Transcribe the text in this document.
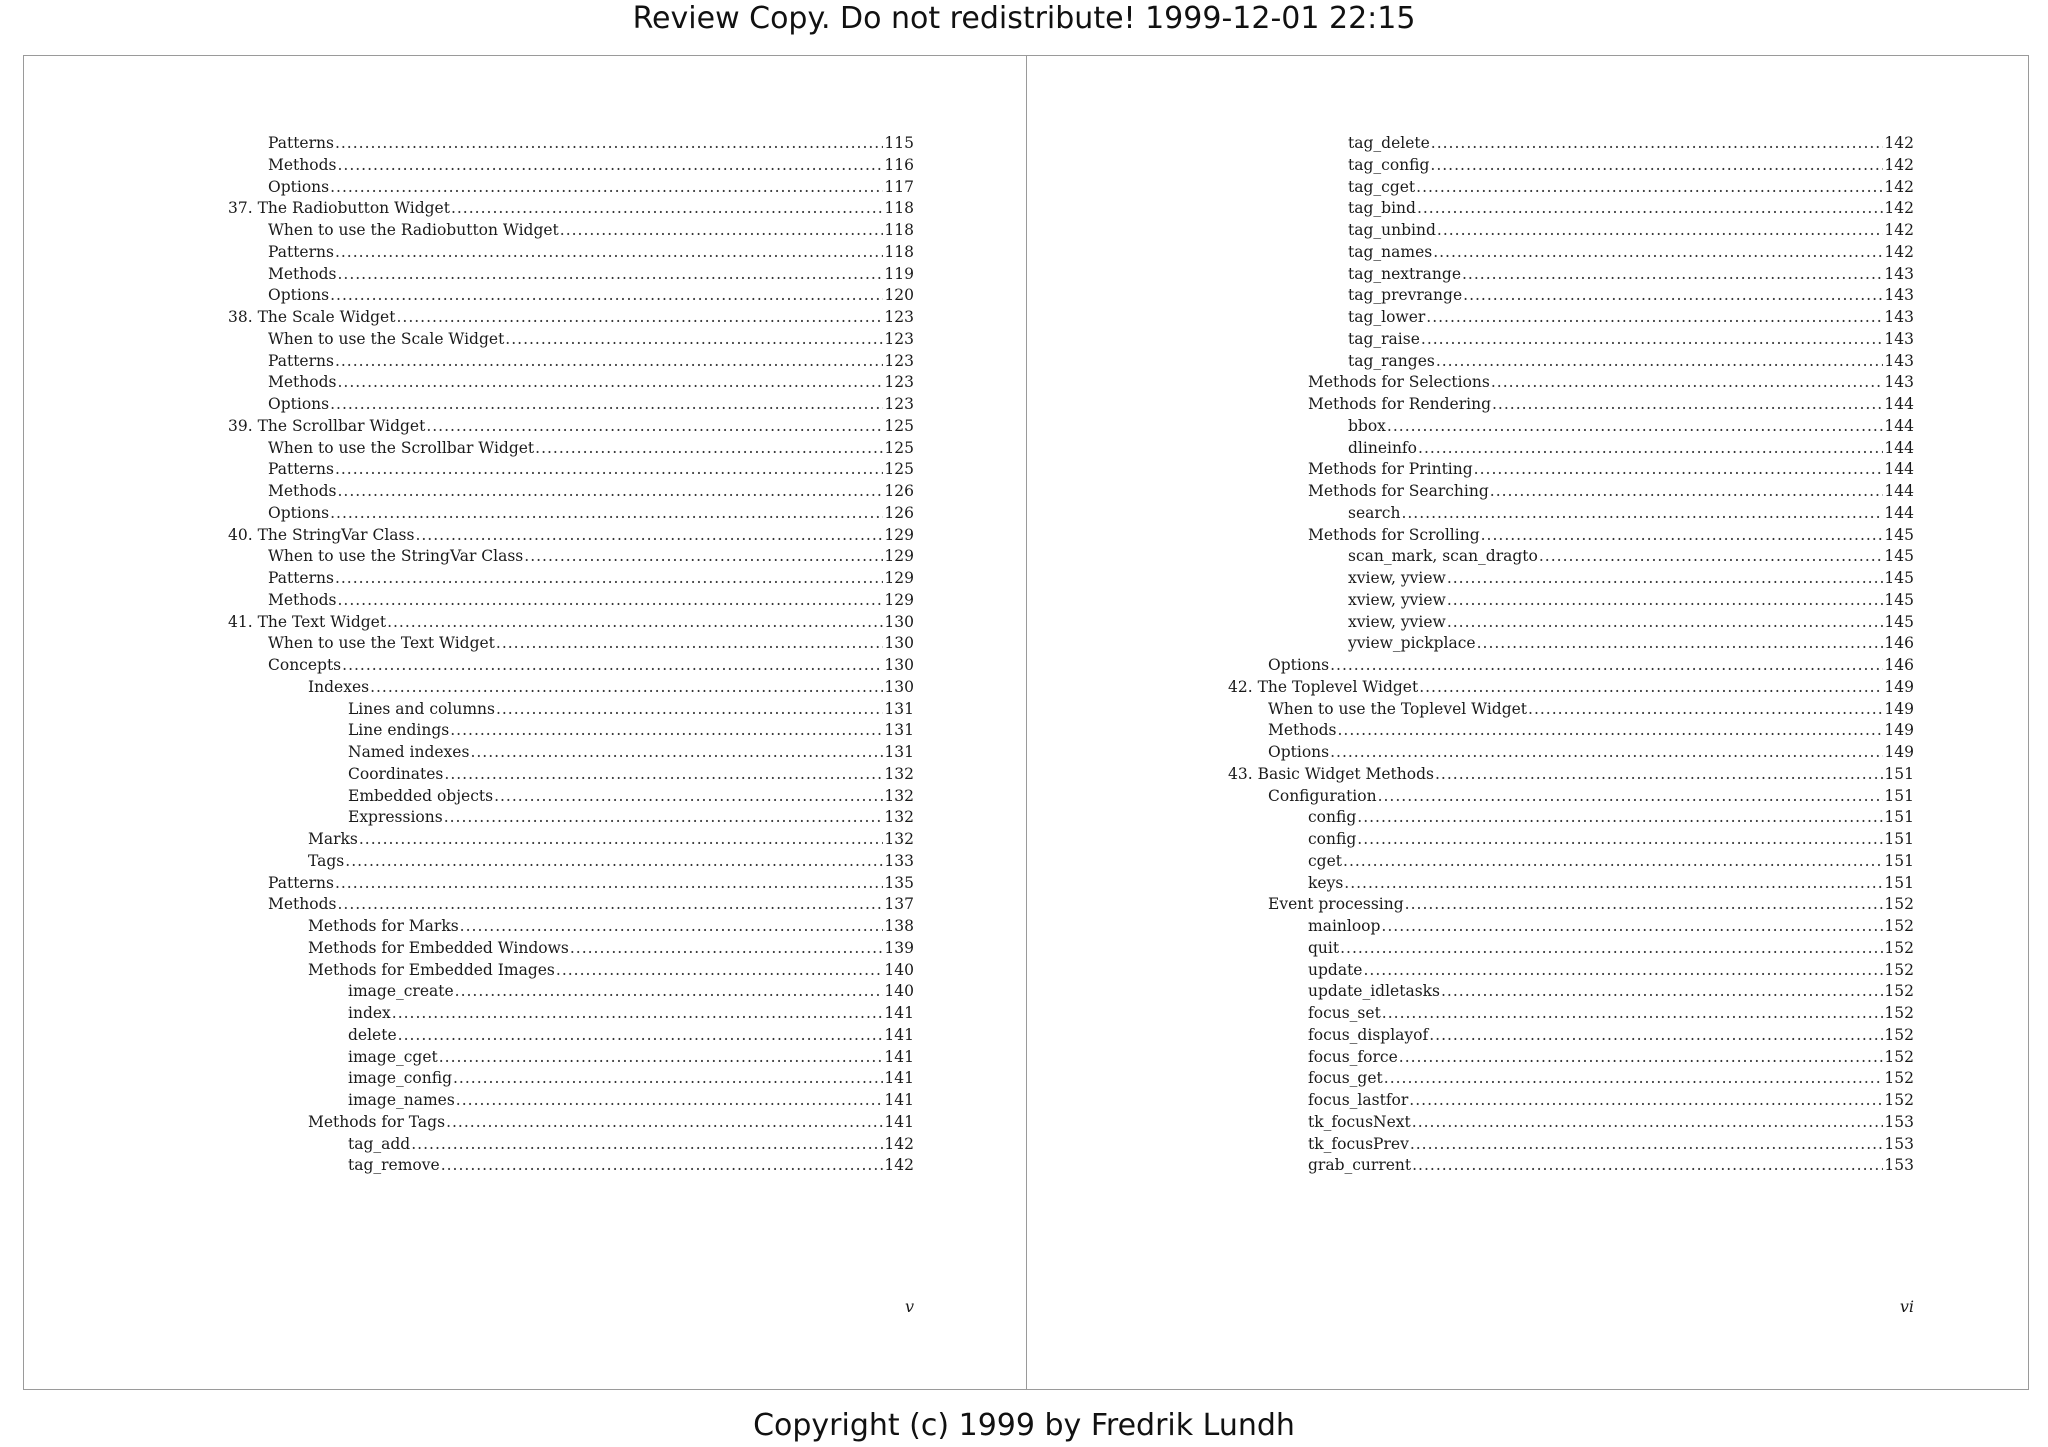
Review Copy. Do not redistribute! 1999-12-01 22:15
Patterns .....	115
Methods .....	116
Options .....	117
37. The Radiobutton Widget .....	118
When to use the Radiobutton Widget .....	118
Patterns .....	118
Methods .....	119
Options .....	120
38. The Scale Widget .....	123
When to use the Scale Widget .....	123
Patterns .....	123
Methods .....	123
Options .....	123
39. The Scrollbar Widget .....	125
When to use the Scrollbar Widget .....	125
Patterns .....	125
Methods .....	126
Options .....	126
40. The StringVar Class .....	129
When to use the StringVar Class .....	129
Patterns .....	129
Methods .....	129
41. The Text Widget .....	130
When to use the Text Widget .....	130
Concepts .....	130
Indexes .....	130
Lines and columns .....	131
Line endings .....	131
Named indexes .....	131
Coordinates .....	132
Embedded objects .....	132
Expressions .....	132
Marks .....	132
Tags .....	133
Patterns .....	135
Methods .....	137
Methods for Marks .....	138
Methods for Embedded Windows .....	139
Methods for Embedded Images .....	140
image_create .....	140
index .....	141
delete .....	141
image_cget .....	141
image_config .....	141
image_names .....	141
Methods for Tags .....	141
tag_add .....	142
tag_remove .....	142
tag_delete .....	142
tag_config .....	142
tag_cget .....	142
tag_bind .....	142
tag_unbind .....	142
tag_names .....	142
tag_nextrange .....	143
tag_prevrange .....	143
tag_lower .....	143
tag_raise .....	143
tag_ranges .....	143
Methods for Selections .....	143
Methods for Rendering .....	144
bbox .....	144
dlineinfo .....	144
Methods for Printing .....	144
Methods for Searching .....	144
search .....	144
Methods for Scrolling .....	145
scan_mark, scan_dragto .....	145
xview, yview .....	145
xview, yview .....	145
xview, yview .....	145
yview_pickplace .....	146
Options .....	146
42. The Toplevel Widget .....	149
When to use the Toplevel Widget .....	149
Methods .....	149
Options .....	149
43. Basic Widget Methods .....	151
Configuration .....	151
config .....	151
config .....	151
cget .....	151
keys .....	151
Event processing .....	152
mainloop .....	152
quit .....	152
update .....	152
update_idletasks .....	152
focus_set .....	152
focus_displayof .....	152
focus_force .....	152
focus_get .....	152
focus_lastfor .....	152
tk_focusNext .....	153
tk_focusPrev .....	153
grab_current .....	153
v	vi
Copyright (c) 1999 by Fredrik Lundh
